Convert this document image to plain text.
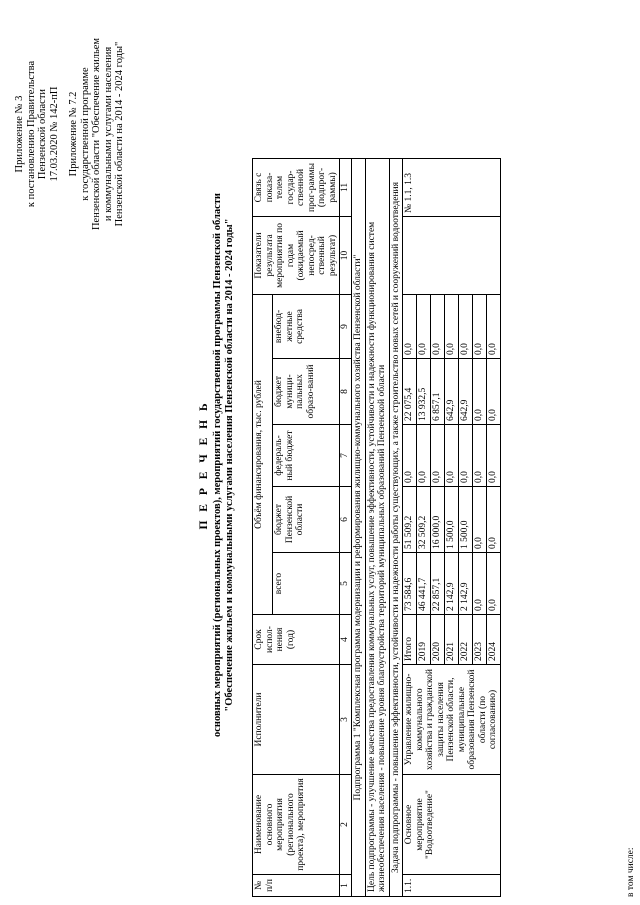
Приложение № 3 к постановлению Правительства Пензенской области 17.03.2020 № 142-пП Приложение № 7.2 к государственной программе Пензенской области "Обеспечение жильем и коммунальными услугами населения Пензенской области на 2014 - 2024 годы"
П Е Р Е Ч Е Н Ь основных мероприятий (региональных проектов), мероприятий государственной программы Пензенской области "Обеспечение жильем и коммунальными услугами населения Пензенской области на 2014 - 2024 годы"
№ п/п	Наименование основного мероприятия (регионального проекта), мероприятия	Исполнители	Срок испол-нения (год)	Объём финансирования, тыс. рублей					Показатели результата мероприятия по годам (ожидаемый непосред-ственный результат)	Связь с показа-телем государ-ственной прог-раммы (подпрог-раммы)	
				всего	бюджет Пензенской области	федераль-ный бюджет	бюджет муници-пальных образо-ваний	внебюд-жетные средства			
1	2	3	4	5	6	7	8	9	10	11	
Подпрограмма 1 "Комплексная программа модернизации и реформирования жилищно-коммунального хозяйства Пензенской области"											
Цель подпрограммы - улучшение качества предоставления коммунальных услуг, повышение эффективности, устойчивости и надежности функционирования систем жизнеобеспечения населения - повышение уровня благоустройства территорий муниципальных образований Пензенской области											
Задача подпрограммы - повышение эффективности, устойчивости и надежности работы существующих, а также строительство новых сетей и сооружений водоотведения											
1.1.	Основное мероприятие "Водоотведение"	Управление жилищно-коммунального хозяйства и гражданской защиты населения Пензенской области, муниципальные образования Пензенской области (по согласованию)	Итого	73 584,6	51 509,2	0,0	22 075,4	0,0		№ 1.1, 1.3	
			2019	46 441,7	32 509,2	0,0	13 932,5	0,0			
			2020	22 857,1	16 000,0	0,0	6 857,1	0,0			
			2021	2 142,9	1 500,0	0,0	642,9	0,0			
			2022	2 142,9	1 500,0	0,0	642,9	0,0			
			2023	0,0	0,0	0,0	0,0	0,0			
			2024	0,0	0,0	0,0	0,0	0,0			
в том числе:
